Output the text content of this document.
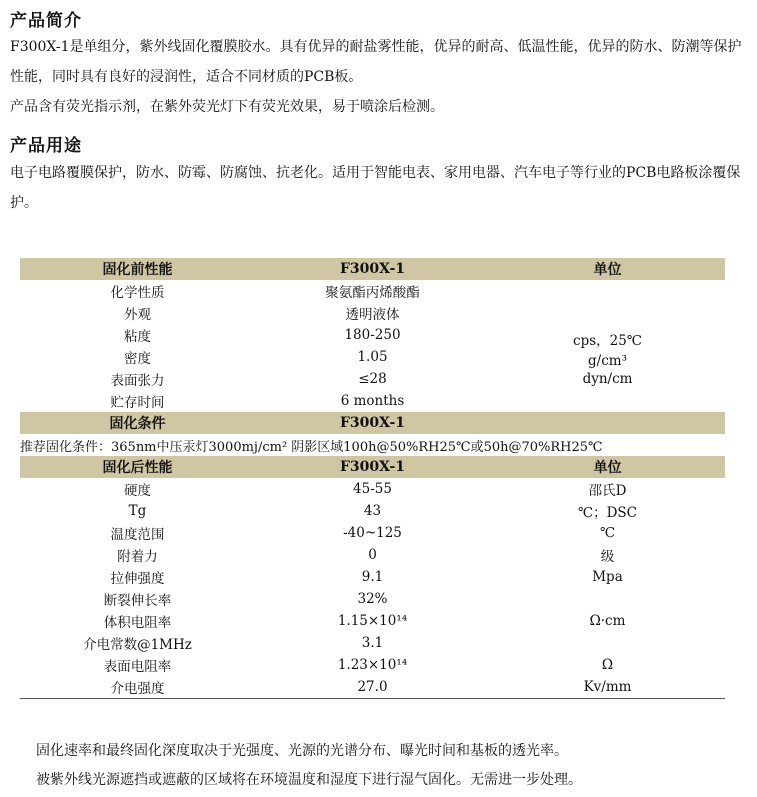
产品简介

F300X-1是单组分，紫外线固化覆膜胶水。具有优异的耐盐雾性能，优异的耐高、低温性能，优异的防水、防潮等保护性能，同时具有良好的浸润性，适合不同材质的PCB板。

产品含有荧光指示剂，在紫外荧光灯下有荧光效果，易于喷涂后检测。

产品用途

电子电路覆膜保护，防水、防霉、防腐蚀、抗老化。适用于智能电表、家用电器、汽车电子等行业的PCB电路板涂覆保护。

固化前性能	F300X-1	单位
化学性质	聚氨酯丙烯酸酯	
外观	透明液体	
粘度	180-250	cps，25℃
密度	1.05	g/cm³
表面张力	≤28	dyn/cm
贮存时间	6 months	
固化条件	F300X-1	
推荐固化条件：365nm中压汞灯3000mj/cm² 阴影区域100h@50%RH25℃或50h@70%RH25℃		
固化后性能	F300X-1	单位
硬度	45-55	邵氏D
Tg	43	℃；DSC
温度范围	-40~125	℃
附着力	0	级
拉伸强度	9.1	Mpa
断裂伸长率	32%	
体积电阻率	1.15×10¹⁴	Ω·cm
介电常数@1MHz	3.1	
表面电阻率	1.23×10¹⁴	Ω
介电强度	27.0	Kv/mm

固化速率和最终固化深度取决于光强度、光源的光谱分布、曝光时间和基板的透光率。

被紫外线光源遮挡或遮蔽的区域将在环境温度和湿度下进行湿气固化。无需进一步处理。
